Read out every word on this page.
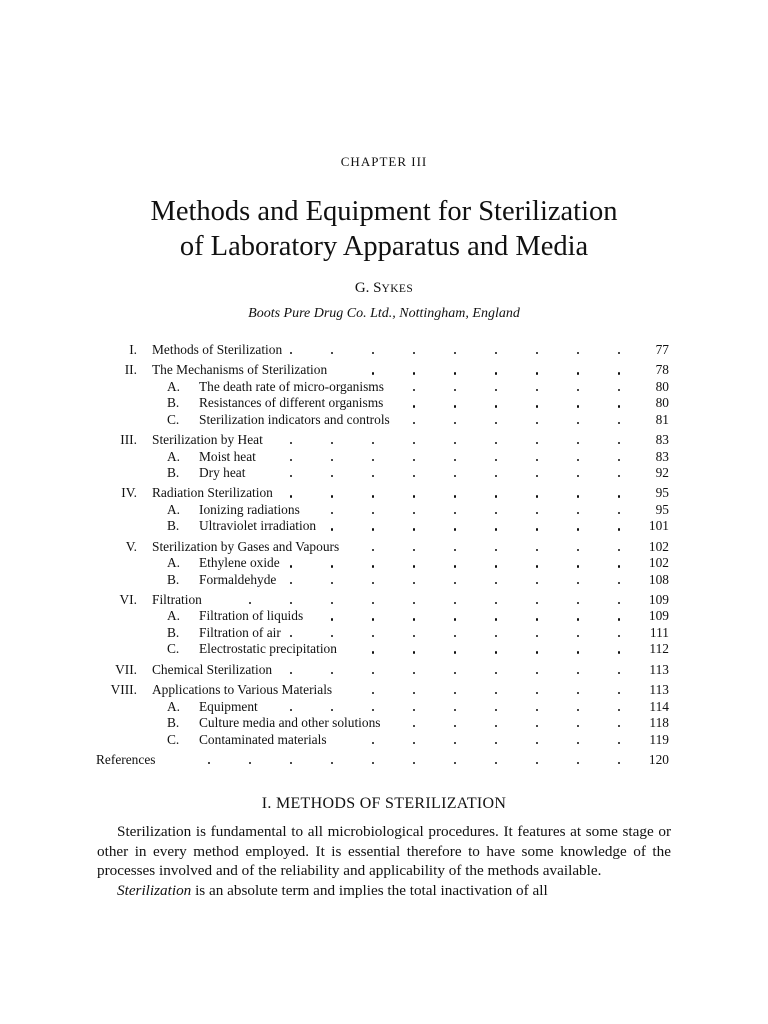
CHAPTER III
Methods and Equipment for Sterilization
of Laboratory Apparatus and Media
G. SYKES
Boots Pure Drug Co. Ltd., Nottingham, England
I. Methods of Sterilization	77
II. The Mechanisms of Sterilization	78
A. The death rate of micro-organisms	80
B. Resistances of different organisms	80
C. Sterilization indicators and controls	81
III. Sterilization by Heat	83
A. Moist heat	83
B. Dry heat	92
IV. Radiation Sterilization	95
A. Ionizing radiations	95
B. Ultraviolet irradiation	101
V. Sterilization by Gases and Vapours	102
A. Ethylene oxide	102
B. Formaldehyde	108
VI. Filtration	109
A. Filtration of liquids	109
B. Filtration of air	111
C. Electrostatic precipitation	112
VII. Chemical Sterilization	113
VIII. Applications to Various Materials	113
A. Equipment	114
B. Culture media and other solutions	118
C. Contaminated materials	119
References	120
I. METHODS OF STERILIZATION

Sterilization is fundamental to all microbiological procedures. It features at some stage or other in every method employed. It is essential therefore to have some knowledge of the processes involved and of the reliability and applicability of the methods available.

Sterilization is an absolute term and implies the total inactivation of all
